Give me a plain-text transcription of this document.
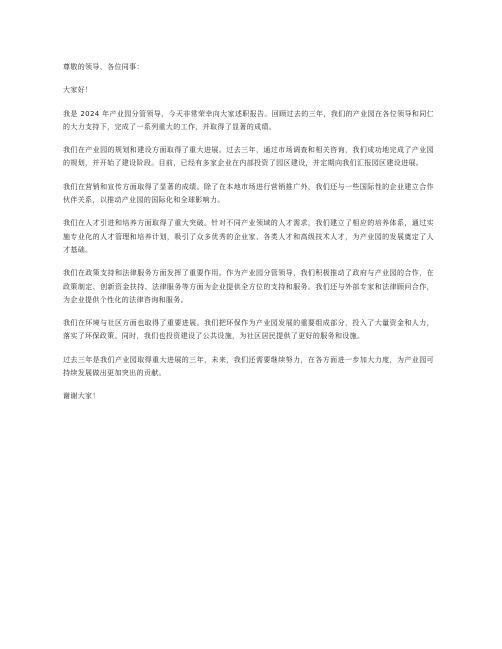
尊敬的领导、各位同事：

大家好！

我是 2024 年产业园分管领导，今天非常荣幸向大家述职报告。回顾过去的三年，我们的产业园在各位领导和同仁的大力支持下，完成了一系列重大的工作，并取得了显著的成绩。

我们在产业园的规划和建设方面取得了重大进展。过去三年，通过市场调查和相关咨询，我们成功地完成了产业园的规划，并开始了建设阶段。目前，已经有多家企业在内部投资了园区建设，并定期向我们汇报园区建设进展。

我们在营销和宣传方面取得了显著的成绩。除了在本地市场进行营销推广外，我们还与一些国际性的企业建立合作伙伴关系，以推动产业园的国际化和全球影响力。

我们在人才引进和培养方面取得了重大突破。针对不同产业领域的人才需求，我们建立了相应的培养体系，通过实施专业化的人才管理和培养计划，吸引了众多优秀的企业家、各类人才和高级技术人才，为产业园的发展奠定了人才基础。

我们在政策支持和法律服务方面发挥了重要作用。作为产业园分管领导，我们积极推动了政府与产业园的合作，在政策制定、创新资金扶持、法律服务等方面为企业提供全方位的支持和服务。我们还与外部专家和法律顾问合作，为企业提供个性化的法律咨询和服务。

我们在环境与社区方面也取得了重要进展。我们把环保作为产业园发展的重要组成部分，投入了大量资金和人力，落实了环保政策。同时，我们也投资建设了公共设施，为社区居民提供了更好的服务和设施。

过去三年是我们产业园取得重大进展的三年，未来，我们还需要继续努力，在各方面进一步加大力度，为产业园可持续发展做出更加突出的贡献。

谢谢大家！
